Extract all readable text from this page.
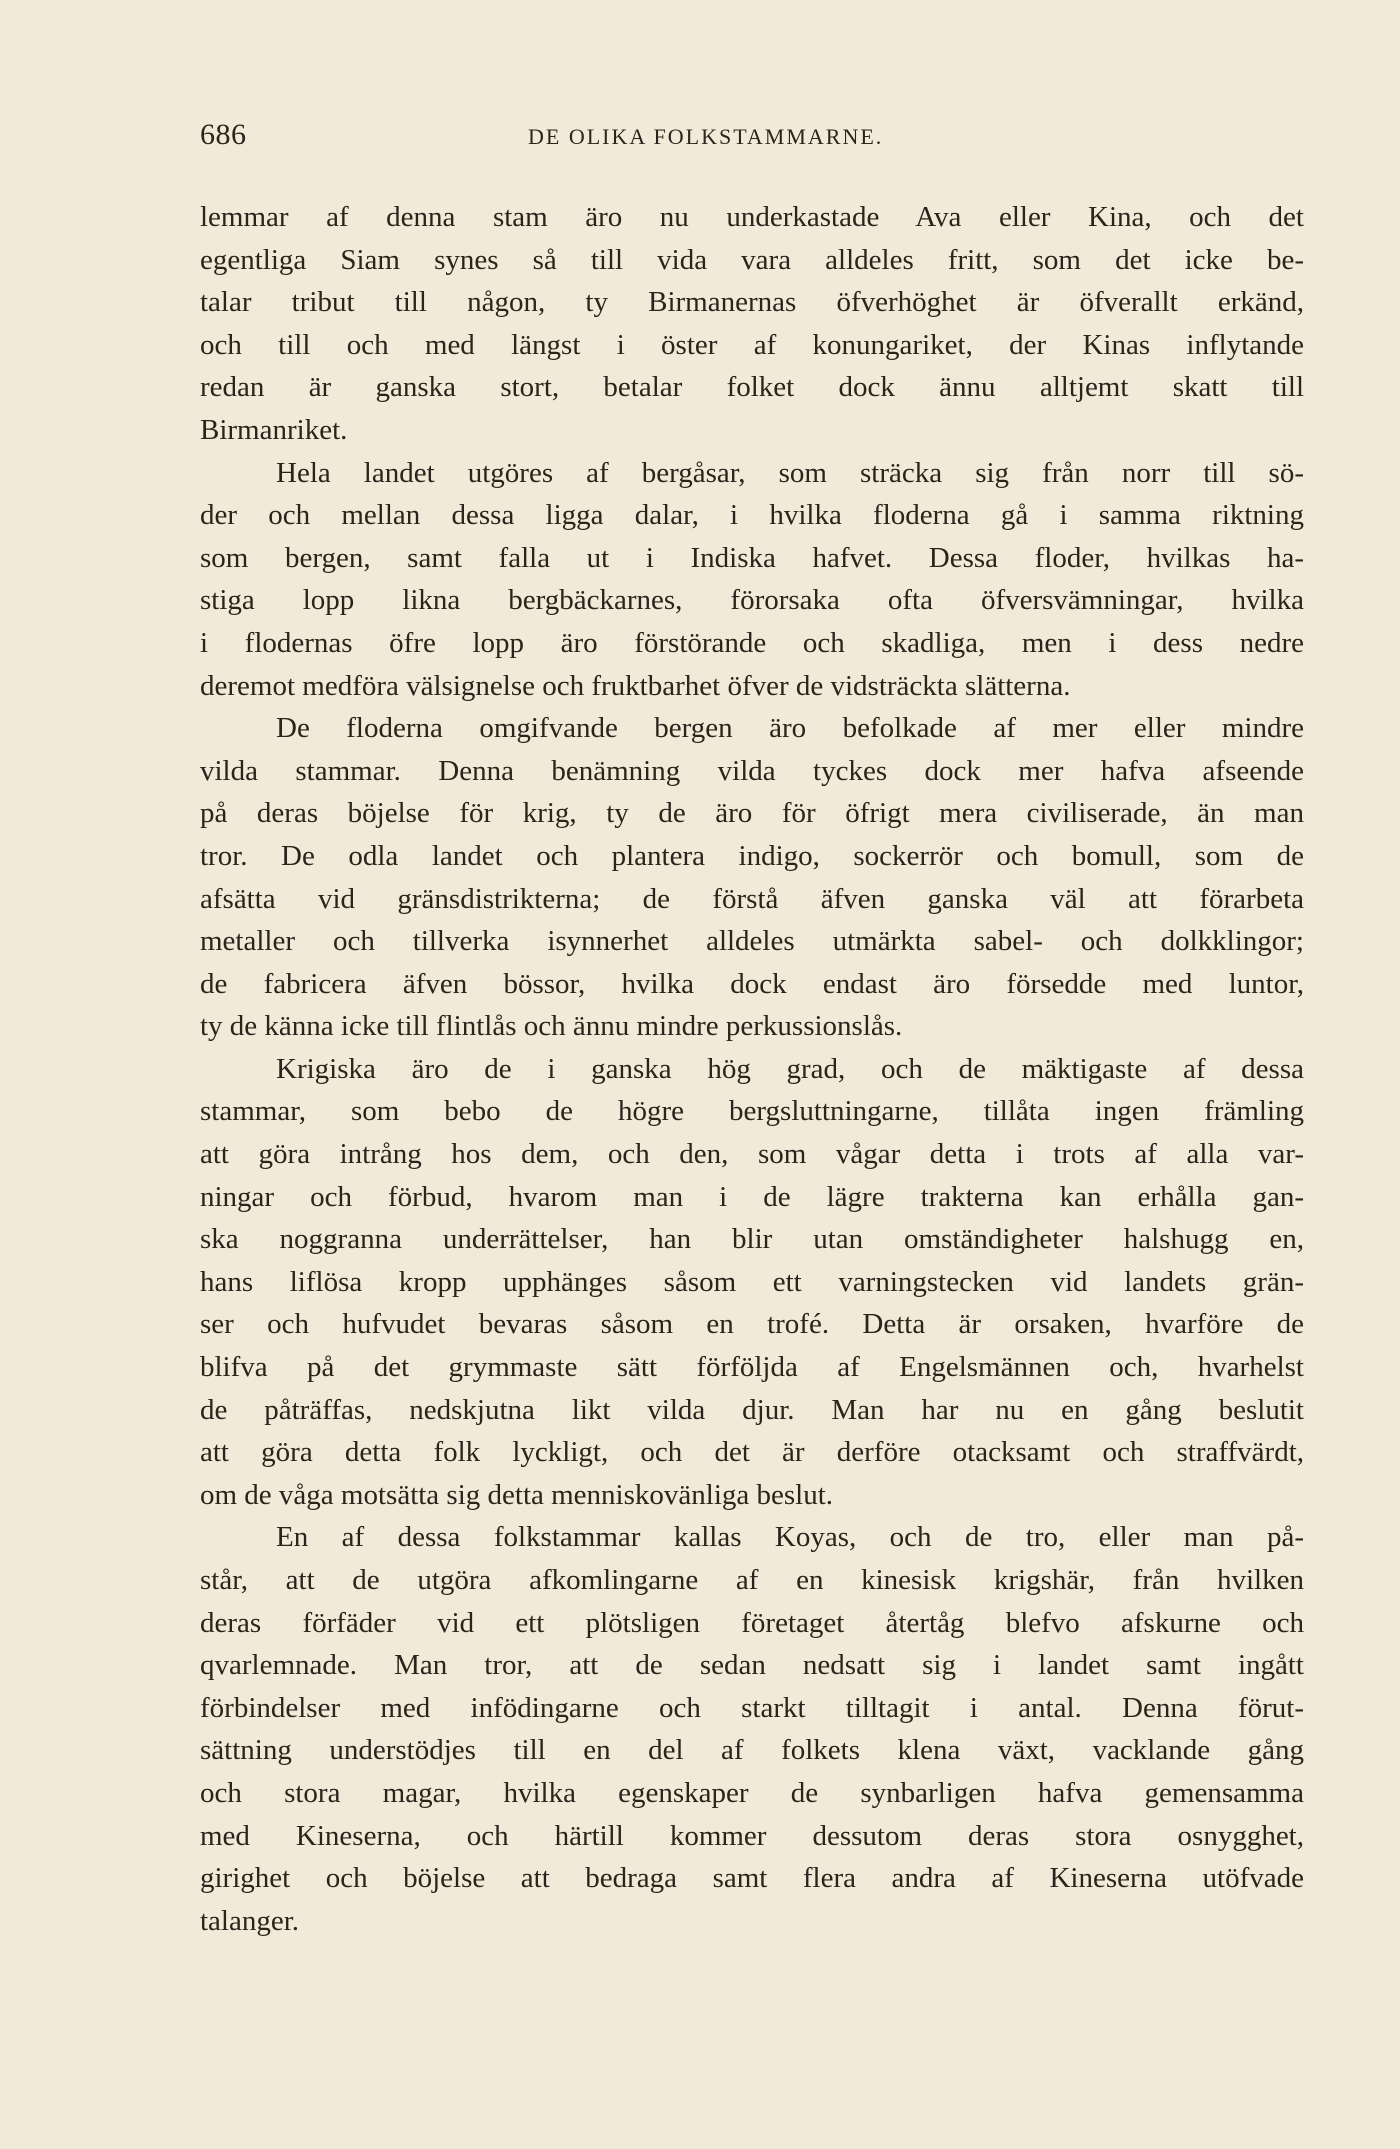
686	DE OLIKA FOLKSTAMMARNE.
lemmar af denna stam äro nu underkastade Ava eller Kina, och det
egentliga Siam synes så till vida vara alldeles fritt, som det icke be-
talar tribut till någon, ty Birmanernas öfverhöghet är öfverallt erkänd,
och till och med längst i öster af konungariket, der Kinas inflytande
redan är ganska stort, betalar folket dock ännu alltjemt skatt till
Birmanriket.
Hela landet utgöres af bergåsar, som sträcka sig från norr till sö-
der och mellan dessa ligga dalar, i hvilka floderna gå i samma riktning
som bergen, samt falla ut i Indiska hafvet. Dessa floder, hvilkas ha-
stiga lopp likna bergbäckarnes, förorsaka ofta öfversvämningar, hvilka
i flodernas öfre lopp äro förstörande och skadliga, men i dess nedre
deremot medföra välsignelse och fruktbarhet öfver de vidsträckta slätterna.
De floderna omgifvande bergen äro befolkade af mer eller mindre
vilda stammar. Denna benämning vilda tyckes dock mer hafva afseende
på deras böjelse för krig, ty de äro för öfrigt mera civiliserade, än man
tror. De odla landet och plantera indigo, sockerrör och bomull, som de
afsätta vid gränsdistrikterna; de förstå äfven ganska väl att förarbeta
metaller och tillverka isynnerhet alldeles utmärkta sabel- och dolkklingor;
de fabricera äfven bössor, hvilka dock endast äro försedde med luntor,
ty de känna icke till flintlås och ännu mindre perkussionslås.
Krigiska äro de i ganska hög grad, och de mäktigaste af dessa
stammar, som bebo de högre bergsluttningarne, tillåta ingen främling
att göra intrång hos dem, och den, som vågar detta i trots af alla var-
ningar och förbud, hvarom man i de lägre trakterna kan erhålla gan-
ska noggranna underrättelser, han blir utan omständigheter halshugg en,
hans liflösa kropp upphänges såsom ett varningstecken vid landets grän-
ser och hufvudet bevaras såsom en trofé. Detta är orsaken, hvarföre de
blifva på det grymmaste sätt förföljda af Engelsmännen och, hvarhelst
de påträffas, nedskjutna likt vilda djur. Man har nu en gång beslutit
att göra detta folk lyckligt, och det är derföre otacksamt och straffvärdt,
om de våga motsätta sig detta menniskovänliga beslut.
En af dessa folkstammar kallas Koyas, och de tro, eller man på-
står, att de utgöra afkomlingarne af en kinesisk krigshär, från hvilken
deras förfäder vid ett plötsligen företaget återtåg blefvo afskurne och
qvarlemnade. Man tror, att de sedan nedsatt sig i landet samt ingått
förbindelser med infödingarne och starkt tilltagit i antal. Denna förut-
sättning understödjes till en del af folkets klena växt, vacklande gång
och stora magar, hvilka egenskaper de synbarligen hafva gemensamma
med Kineserna, och härtill kommer dessutom deras stora osnygghet,
girighet och böjelse att bedraga samt flera andra af Kineserna utöfvade
talanger.
